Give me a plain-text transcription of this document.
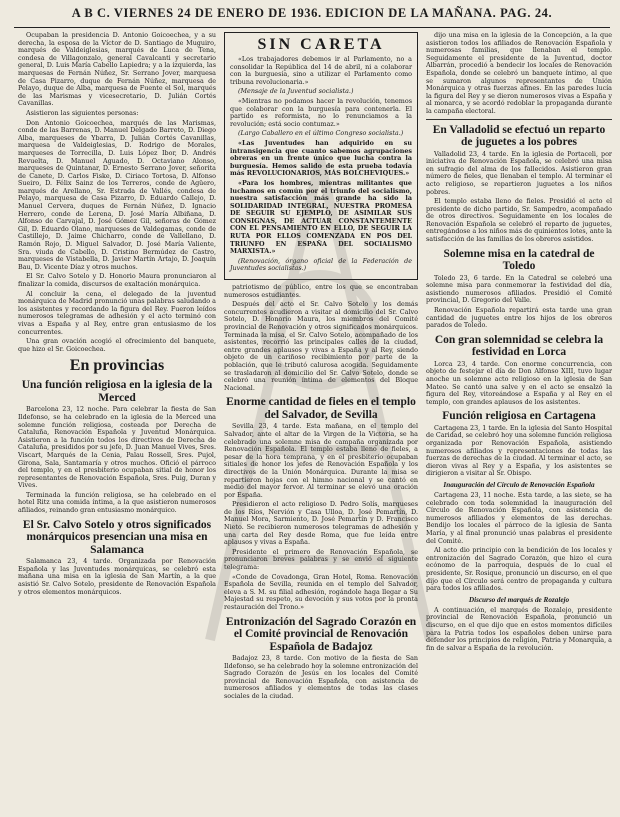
A B C. VIERNES 24 DE ENERO DE 1936. EDICION DE LA MAÑANA. PAG. 24.

Ocupaban la presidencia D. Antonio Goicoechea, y a su derecha, la esposa de la Víctor de D. Santiago de Muguiro, marqués de Valdeiglesias, marqués de Luca de Tena, condesa de Villagonzalo, general Cavalcanti y secretario general, D. Luis María Cabello Lapiedra; y a la izquierda, las marquesas de Fernán Núñez, Sr. Serrano Jover, marquesa de Casa Pizarro, duque de Fernán Núñez, marquesa de Pelayo, duque de Alba, marquesa de Fuente el Sol, marqués de las Marismas y vicesecretario, D. Julián Cortés Cavanillas.

Asistieron las siguientes personas:

Don Antonio Goicoechea, marqués de las Marismas, conde de las Barrenas, D. Manuel Delgado Barreto, D. Diego Alba, marqueses de Ybarra, D. Julián Cortés Cavanillas, marquesa de Valdeiglesias, D. Rodrigo de Morales, marqueses de Torrecilla, D. Luis López Ibor, D. Andrés Revuelta, D. Manuel Aguado, D. Octaviano Alonso, marqueses de Quintanar, D. Ernesto Serrano Jover, señorita de Canete, D. Carlos Fiske, D. Ciriaco Tortosa, D. Alfonso Sueiro, D. Félix Sainz de los Terreros, conde de Agüero, marqués de Arellano, Sr. Estrada de Vallés, condesa de Pelayo, marquesa de Casa Pizarro, D. Eduardo Callejo, D. Manuel Cervera, duques de Fernán Núñez, D. Ignacio Herrero, conde de Lerena, D. José María Albiñana, D. Alfonso de Carvajal, D. José Gómez Gil, señoras de Gómez Gil, D. Eduardo Olano, marqueses de Valdegamas, conde de Castillejo, D. Jaime Chicharro, conde de Vallellano, D. Ramón Rojo, D. Miguel Salvador, D. José María Valiente, Sra. viuda de Cabello, D. Cristino Bermúdez de Castro, marqueses de Vistabella, D. Javier Martín Artajo, D. Joaquín Bau, D. Vicente Díaz y otros muchos.

El Sr. Calvo Sotelo y D. Honorio Maura pronunciaron al finalizar la comida, discursos de exaltación monárquica.

Al concluir la cena, el delegado de la juventud monárquica de Madrid pronunció unas palabras saludando a los asistentes y recordando la figura del Rey. Fueron leídos numerosos telegramas de adhesión y el acto terminó con vivas a España y al Rey, entre gran entusiasmo de los concurrentes.

Una gran ovación acogió el ofrecimiento del banquete, que hizo el Sr. Goicoechea.

En provincias
Una función religiosa en la iglesia de la Merced

Barcelona 23, 12 noche. Para celebrar la fiesta de San Ildefonso, se ha celebrado en la iglesia de la Merced una solemne función religiosa, costeada por Derecha de Cataluña, Renovación Española y Juventud Monárquica. Asistieron a la función todos los directivos de Derecha de Cataluña, presididos por su jefe, D. Juan Manuel Vives, Sres. Viscart, Marqués de la Cenia, Palau Rossell, Sres. Pujol, Girona, Sala, Santamaría y otros muchos. Ofició el párroco del templo, y en el presbiterio ocupaban sitial de honor los representantes de Renovación Española, Sres. Puig, Duran y Vives.

Terminada la función religiosa, se ha celebrado en el hotel Ritz una comida íntima, a la que asistieron numerosos afiliados, reinando gran entusiasmo monárquico.

El Sr. Calvo Sotelo y otros significados monárquicos presencian una misa en Salamanca

Salamanca 23, 4 tarde. Organizada por Renovación Española y las Juventudes monárquicas, se celebró esta mañana una misa en la iglesia de San Martín, a la que asistió Sr. Calvo Sotelo, presidente de Renovación Española y otros elementos monárquicos.

SIN CARETA

«Los trabajadores debemos ir al Parlamento, no a consolidar la República del 14 de abril, ni a colaborar con la burguesía, sino a utilizar el Parlamento como tribuna revolucionaria.»

(Mensaje de la Juventud socialista.)

«Mientras no podamos hacer la revolución, tenemos que colaborar con la burguesía para contenerla. El partido es reformista, no lo renunciamos a la revolución; está socio contumaz.»

(Largo Caballero en el último Congreso socialista.)

«Las Juventudes han adquirido en su intransigencia que cuanto sabemos agrupaciones obreras en un frente único que lucha contra la burguesía. Hemos salido de esta prueba todavía más REVOLUCIONARIOS, MÁS BOLCHEVIQUES.»

«Para los hombres, mientras militantes que luchamos en común por el triunfo del socialismo, nuestra satisfacción más grande ha sido la SOLIDARIDAD INTEGRAL, NUESTRA PROMESA DE SEGUIR SU EJEMPLO, DE ASIMILAR SUS CONSIGNAS, DE ACTUAR CONSTANTEMENTE CON EL PENSAMIENTO EN ELLO, DE SEGUIR LA RUTA POR ELLOS COMENZADA EN POS DEL TRIUNFO EN ESPAÑA DEL SOCIALISMO MARXISTA.»

(Renovación, órgano oficial de la Federación de Juventudes socialistas.)

patriotismo de público, entre los que se encontraban numerosos estudiantes.

Después del acto el Sr. Calvo Sotelo y los demás concurrentes acudieron a visitar al domicilio del Sr. Calvo Sotelo, D. Honorio Maura, los miembros del Comité provincial de Renovación y otros significados monárquicos. Terminada la misa, el Sr. Calvo Sotelo, acompañado de los asistentes, recorrió las principales calles de la ciudad, entre grandes aplausos y vivas a España y al Rey, siendo objeto de un cariñoso recibimiento por parte de la población, que le tributó calurosa acogida. Seguidamente se trasladaron al domicilio del Sr. Calvo Sotelo, donde se celebró una reunión íntima de elementos del Bloque Nacional.

Enorme cantidad de fieles en el templo del Salvador, de Sevilla

Sevilla 23, 4 tarde. Esta mañana, en el templo del Salvador, ante el altar de la Virgen de la Victoria, se ha celebrado una solemne misa de campaña organizada por Renovación Española. El templo estaba lleno de fieles, a pesar de la hora temprana, y en el presbiterio ocupaban sitiales de honor los jefes de Renovación Española y los directivos de la Unión Monárquica. Durante la misa se repartieron hojas con el himno nacional y se cantó en medio del mayor fervor. Al terminar se elevó una oración por España.

Presidieron el acto religioso D. Pedro Solís, marqueses de los Ríos, Nervión y Casa Ulloa, D. José Pemartín, D. Manuel Mora, Sarmiento, D. José Pemartín y D. Francisco Nieto. Se recibieron numerosos telegramas de adhesión y una carta del Rey desde Roma, que fue leída entre aplausos y vivas a España.

Presidente el primero de Renovación Española, se pronunciaron breves palabras y se envió el siguiente telegrama:

«Conde de Covadonga, Gran Hotel, Roma. Renovación Española de Sevilla, reunida en el templo del Salvador, eleva a S. M. su filial adhesión, rogándole haga llegar a Su Majestad su respeto, su devoción y sus votos por la pronta restauración del Trono.»

Entronización del Sagrado Corazón en el Comité provincial de Renovación Española de Badajoz

Badajoz 23, 8 tarde. Con motivo de la fiesta de San Ildefonso, se ha celebrado hoy la solemne entronización del Sagrado Corazón de Jesús en los locales del Comité provincial de Renovación Española, con asistencia de numerosos afiliados y elementos de todas las clases sociales de la ciudad.

dijo una misa en la iglesia de la Concepción, a la que asistieron todos los afiliados de Renovación Española y numerosas familias, que llenaban el templo. Seguidamente el presidente de la Juventud, doctor Albarrán, procedió a bendecir los locales de Renovación Española, donde se celebró un banquete íntimo, al que se sumaron algunos representantes de Unión Monárquica y otras fuerzas afines. En las paredes lucía la figura del Rey y se dieron numerosos vivas a España y al monarca, y se acordó redoblar la propaganda durante la campaña electoral.

En Valladolid se efectuó un reparto de juguetes a los pobres

Valladolid 23, 4 tarde. En la iglesia de Portaceli, por iniciativa de Renovación Española, se celebró una misa en sufragio del alma de los fallecidos. Asistieron gran número de fieles, que llenaban el templo. Al terminar el acto religioso, se repartieron juguetes a los niños pobres.

El templo estaba lleno de fieles. Presidió el acto el presidente de dicho partido, Sr. Sampedro, acompañado de otros directivos. Seguidamente en los locales de Renovación Española se celebró el reparto de juguetes, entregándose a los niños más de quinientos lotes, ante la satisfacción de las familias de los obreros asistidos.

Solemne misa en la catedral de Toledo

Toledo 23, 6 tarde. En la Catedral se celebró una solemne misa para conmemorar la festividad del día, asistiendo numerosos afiliados. Presidió el Comité provincial, D. Gregorio del Valle.

Renovación Española repartirá esta tarde una gran cantidad de juguetes entre los hijos de los obreros parados de Toledo.

Con gran solemnidad se celebra la festividad en Lorca

Lorca 23, 4 tarde. Con enorme concurrencia, con objeto de festejar el día de Don Alfonso XIII, tuvo lugar anoche un solemne acto religioso en la iglesia de San Mateo. Se cantó una salve y en el acto se ensalzó la figura del Rey, vitoreándose a España y al Rey en el templo, con grandes aplausos de los asistentes.

Función religiosa en Cartagena

Cartagena 23, 1 tarde. En la iglesia del Santo Hospital de Caridad, se celebró hoy una solemne función religiosa organizada por Renovación Española, asistiendo numerosos afiliados y representaciones de todas las fuerzas de derechas de la ciudad. Al terminar el acto, se dieron vivas al Rey y a España, y los asistentes se dirigieron a visitar al Sr. Obispo.

Inauguración del Círculo de Renovación Española

Cartagena 23, 11 noche. Esta tarde, a las siete, se ha celebrado con toda solemnidad la inauguración del Círculo de Renovación Española, con asistencia de numerosos afiliados y elementos de las derechas. Bendijo los locales el párroco de la iglesia de Santa María, y al final pronunció unas palabras el presidente del Comité.

Al acto dio principio con la bendición de los locales y entronización del Sagrado Corazón, que hizo el cura ecónomo de la parroquia, después de lo cual el presidente, Sr. Rosique, pronunció un discurso, en el que dijo que el Círculo será centro de propaganda y cultura para todos los afiliados.

Discurso del marqués de Rozalejo

A continuación, el marqués de Rozalejo, presidente provincial de Renovación Española, pronunció un discurso, en el que dijo que en estos momentos difíciles para la Patria todos los españoles deben unirse para defender los principios de religión, Patria y Monarquía, a fin de salvar a España de la revolución.
